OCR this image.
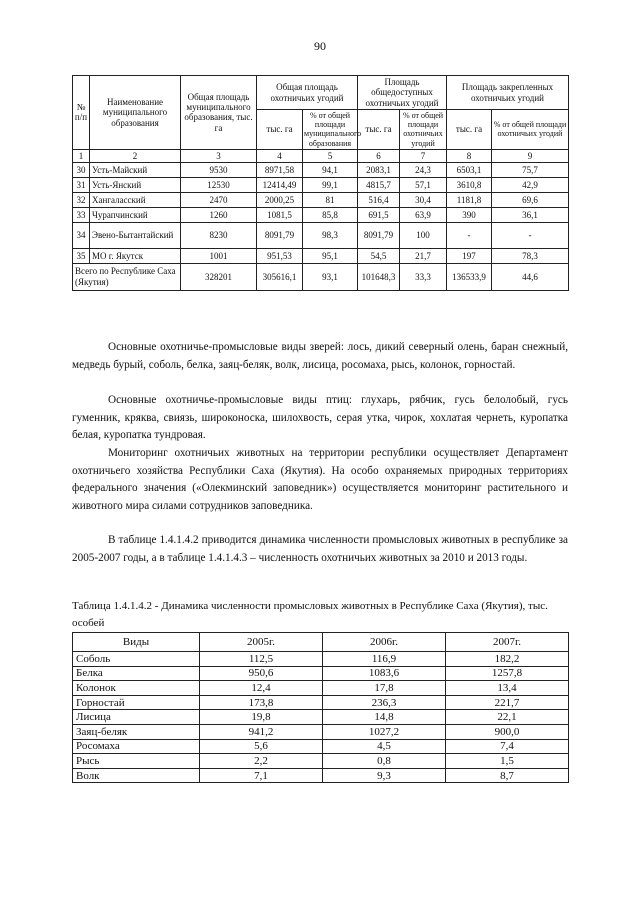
90
№ п/п	Наименование муниципального образования	Общая площадь муниципального образования, тыс. га	Общая площадь охотничьих угодий		Площадь общедоступных охотничьих угодий		Площадь закрепленных охотничьих угодий	
			тыс. га	% от общей площади муниципального образования	тыс. га	% от общей площади охотничьих угодий	тыс. га	% от общей площади охотничьих угодий
1	2	3	4	5	6	7	8	9
30	Усть-Майский	9530	8971,58	94,1	2083,1	24,3	6503,1	75,7
31	Усть-Янский	12530	12414,49	99,1	4815,7	57,1	3610,8	42,9
32	Хангаласский	2470	2000,25	81	516,4	30,4	1181,8	69,6
33	Чурапчинский	1260	1081,5	85,8	691,5	63,9	390	36,1
34	Эвено-Бытантайский	8230	8091,79	98,3	8091,79	100	-	-
35	МО г. Якутск	1001	951,53	95,1	54,5	21,7	197	78,3
Всего по Республике Саха (Якутия)		328201	305616,1	93,1	101648,3	33,3	136533,9	44,6

Основные охотничье-промысловые виды зверей: лось, дикий северный олень, баран снежный, медведь бурый, соболь, белка, заяц-беляк, волк, лисица, росомаха, рысь, колонок, горностай.

Основные охотничье-промысловые виды птиц: глухарь, рябчик, гусь белолобый, гусь гуменник, кряква, свиязь, широконоска, шилохвость, серая утка, чирок, хохлатая чернеть, куропатка белая, куропатка тундровая.

Мониторинг охотничьих животных на территории республики осуществляет Департамент охотничьего хозяйства Республики Саха (Якутия). На особо охраняемых природных территориях федерального значения («Олекминский заповедник») осуществляется мониторинг растительного и животного мира силами сотрудников заповедника.

В таблице 1.4.1.4.2 приводится динамика численности промысловых животных в республике за 2005-2007 годы, а в таблице 1.4.1.4.3 – численность охотничьих животных за 2010 и 2013 годы.

Таблица 1.4.1.4.2 - Динамика численности промысловых животных в Республике Саха (Якутия), тыс. особей

Виды	2005г.	2006г.	2007г.
Соболь	112,5	116,9	182,2
Белка	950,6	1083,6	1257,8
Колонок	12,4	17,8	13,4
Горностай	173,8	236,3	221,7
Лисица	19,8	14,8	22,1
Заяц-беляк	941,2	1027,2	900,0
Росомаха	5,6	4,5	7,4
Рысь	2,2	0,8	1,5
Волк	7,1	9,3	8,7
